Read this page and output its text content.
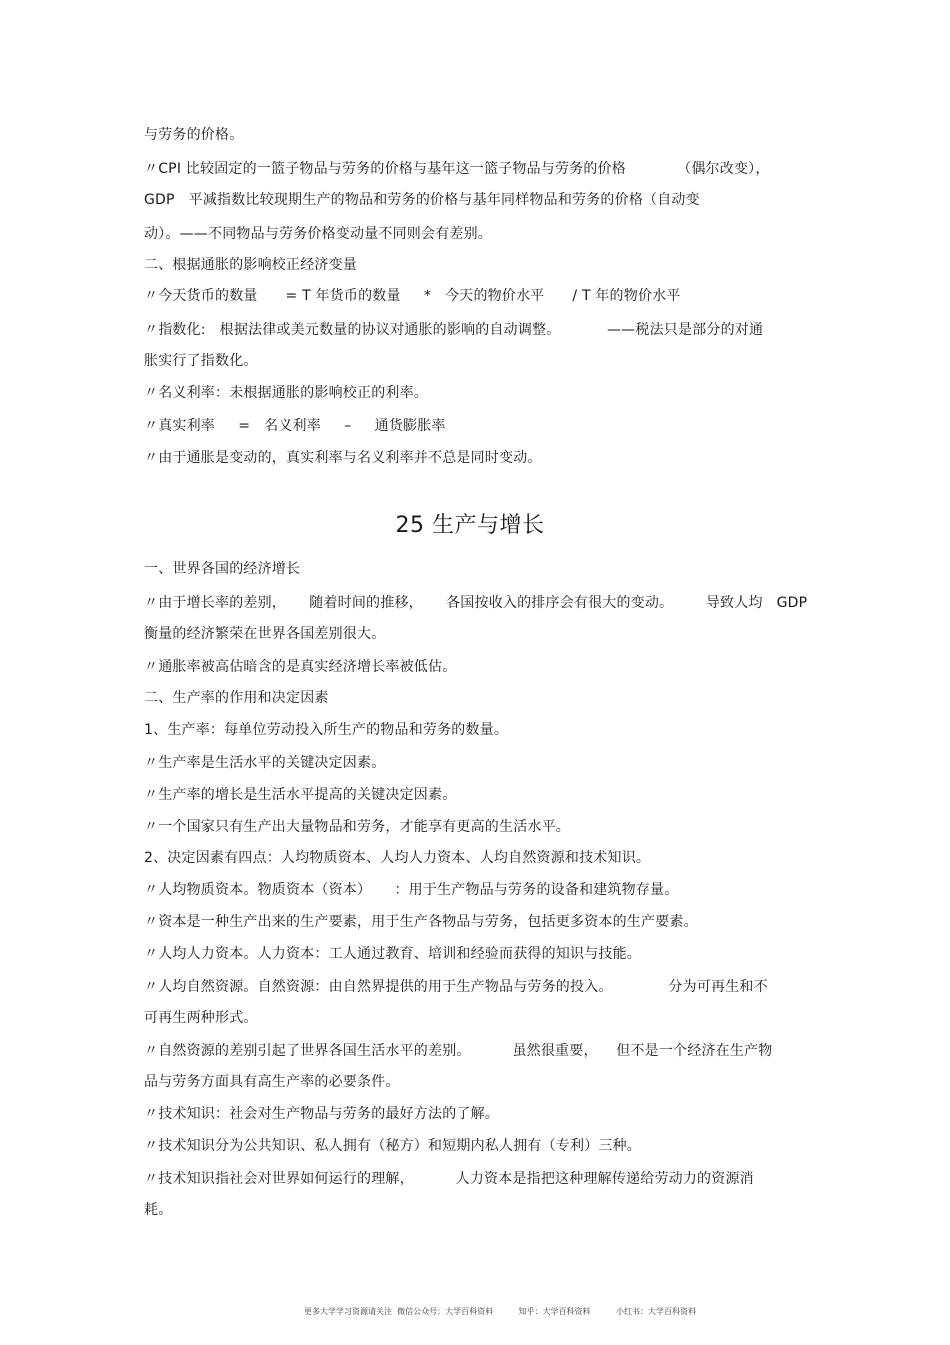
与劳务的价格。
〃CPI 比较固定的一篮子物品与劳务的价格与基年这一篮子物品与劳务的价格           （偶尔改变），
GDP   平减指数比较现期生产的物品和劳务的价格与基年同样物品和劳务的价格（自动变
动）。——不同物品与劳务价格变动量不同则会有差别。
二、根据通胀的影响校正经济变量
〃今天货币的数量      = T 年货币的数量     *   今天的物价水平      / T 年的物价水平
〃指数化:   根据法律或美元数量的协议对通胀的影响的自动调整。          ——税法只是部分的对通
胀实行了指数化。
〃名义利率：未根据通胀的影响校正的利率。
〃真实利率     =   名义利率     –     通货膨胀率
〃由于通胀是变动的，真实利率与名义利率并不总是同时变动。
25 生产与增长
一、世界各国的经济增长
〃由于增长率的差别，     随着时间的推移，     各国按收入的排序会有很大的变动。       导致人均   GDP
衡量的经济繁荣在世界各国差别很大。
〃通胀率被高估暗含的是真实经济增长率被低估。
二、生产率的作用和决定因素
1、生产率：每单位劳动投入所生产的物品和劳务的数量。
〃生产率是生活水平的关键决定因素。
〃生产率的增长是生活水平提高的关键决定因素。
〃一个国家只有生产出大量物品和劳务，才能享有更高的生活水平。
2、决定因素有四点：人均物质资本、人均人力资本、人均自然资源和技术知识。
〃人均物质资本。物质资本（资本）     ：用于生产物品与劳务的设备和建筑物存量。
〃资本是一种生产出来的生产要素，用于生产各物品与劳务，包括更多资本的生产要素。
〃人均人力资本。人力资本：工人通过教育、培训和经验而获得的知识与技能。
〃人均自然资源。自然资源：由自然界提供的用于生产物品与劳务的投入。            分为可再生和不
可再生两种形式。
〃自然资源的差别引起了世界各国生活水平的差别。         虽然很重要，    但不是一个经济在生产物
品与劳务方面具有高生产率的必要条件。
〃技术知识：社会对生产物品与劳务的最好方法的了解。
〃技术知识分为公共知识、私人拥有（秘方）和短期内私人拥有（专利）三种。
〃技术知识指社会对世界如何运行的理解，         人力资本是指把这种理解传递给劳动力的资源消
耗。
更多大学学习资源请关注  微信公众号：大学百科资料          知乎：大学百科资料          小红书：大学百科资料
